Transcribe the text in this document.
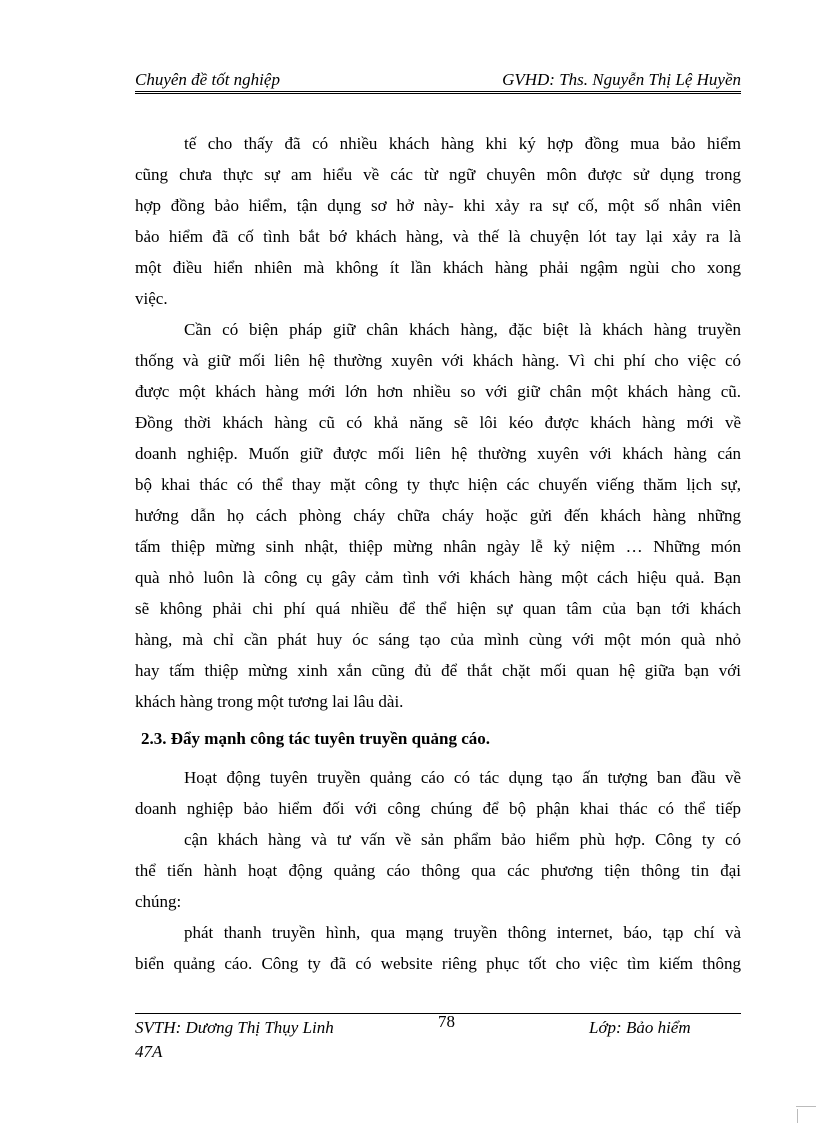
Chuyên đề tốt nghiệp	GVHD: Ths. Nguyễn Thị Lệ Huyền
tế cho thấy đã có nhiều khách hàng khi ký hợp đồng mua bảo hiểm
cũng chưa thực sự am hiểu về các từ ngữ chuyên môn được sử dụng trong
hợp đồng bảo hiểm, tận dụng sơ hở này- khi xảy ra sự cố, một số nhân viên
bảo hiểm đã cố tình bắt bớ khách hàng, và thế là chuyện lót tay lại xảy ra là
một điều hiển nhiên mà không ít lần khách hàng phải ngậm ngùi cho xong
việc.
Cần có biện pháp giữ chân khách hàng, đặc biệt là khách hàng truyền
thống và giữ mối liên hệ thường xuyên với khách hàng. Vì chi phí cho việc có
được một khách hàng mới lớn hơn nhiều so với giữ chân một khách hàng cũ.
Đồng thời khách hàng cũ có khả năng sẽ lôi kéo được khách hàng mới về
doanh nghiệp. Muốn giữ được mối liên hệ thường xuyên với khách hàng cán
bộ khai thác có thể thay mặt công ty thực hiện các chuyến viếng thăm lịch sự,
hướng dẫn họ cách phòng cháy chữa cháy hoặc gửi đến khách hàng những
tấm thiệp mừng sinh nhật, thiệp mừng nhân ngày lễ kỷ niệm … Những món
quà nhỏ luôn là công cụ gây cảm tình với khách hàng một cách hiệu quả. Bạn
sẽ không phải chi phí quá nhiều để thể hiện sự quan tâm của bạn tới khách
hàng, mà chỉ cần phát huy óc sáng tạo của mình cùng với một món quà nhỏ
hay tấm thiệp mừng xinh xắn cũng đủ để thắt chặt mối quan hệ giữa bạn với
khách hàng trong một tương lai lâu dài.
2.3. Đẩy mạnh công tác tuyên truyền quảng cáo.
Hoạt động tuyên truyền quảng cáo có tác dụng tạo ấn tượng ban đầu về
doanh nghiệp bảo hiểm đối với công chúng để bộ phận khai thác có thể tiếp
cận khách hàng và tư vấn về sản phẩm bảo hiểm phù hợp. Công ty có
thể tiến hành hoạt động quảng cáo thông qua các phương tiện thông tin đại
chúng:
phát thanh truyền hình, qua mạng truyền thông internet, báo, tạp chí và
biển quảng cáo. Công ty đã có website riêng phục tốt cho việc tìm kiếm thông
SVTH: Dương Thị Thụy Linh
47A
78	Lớp: Bảo hiểm
